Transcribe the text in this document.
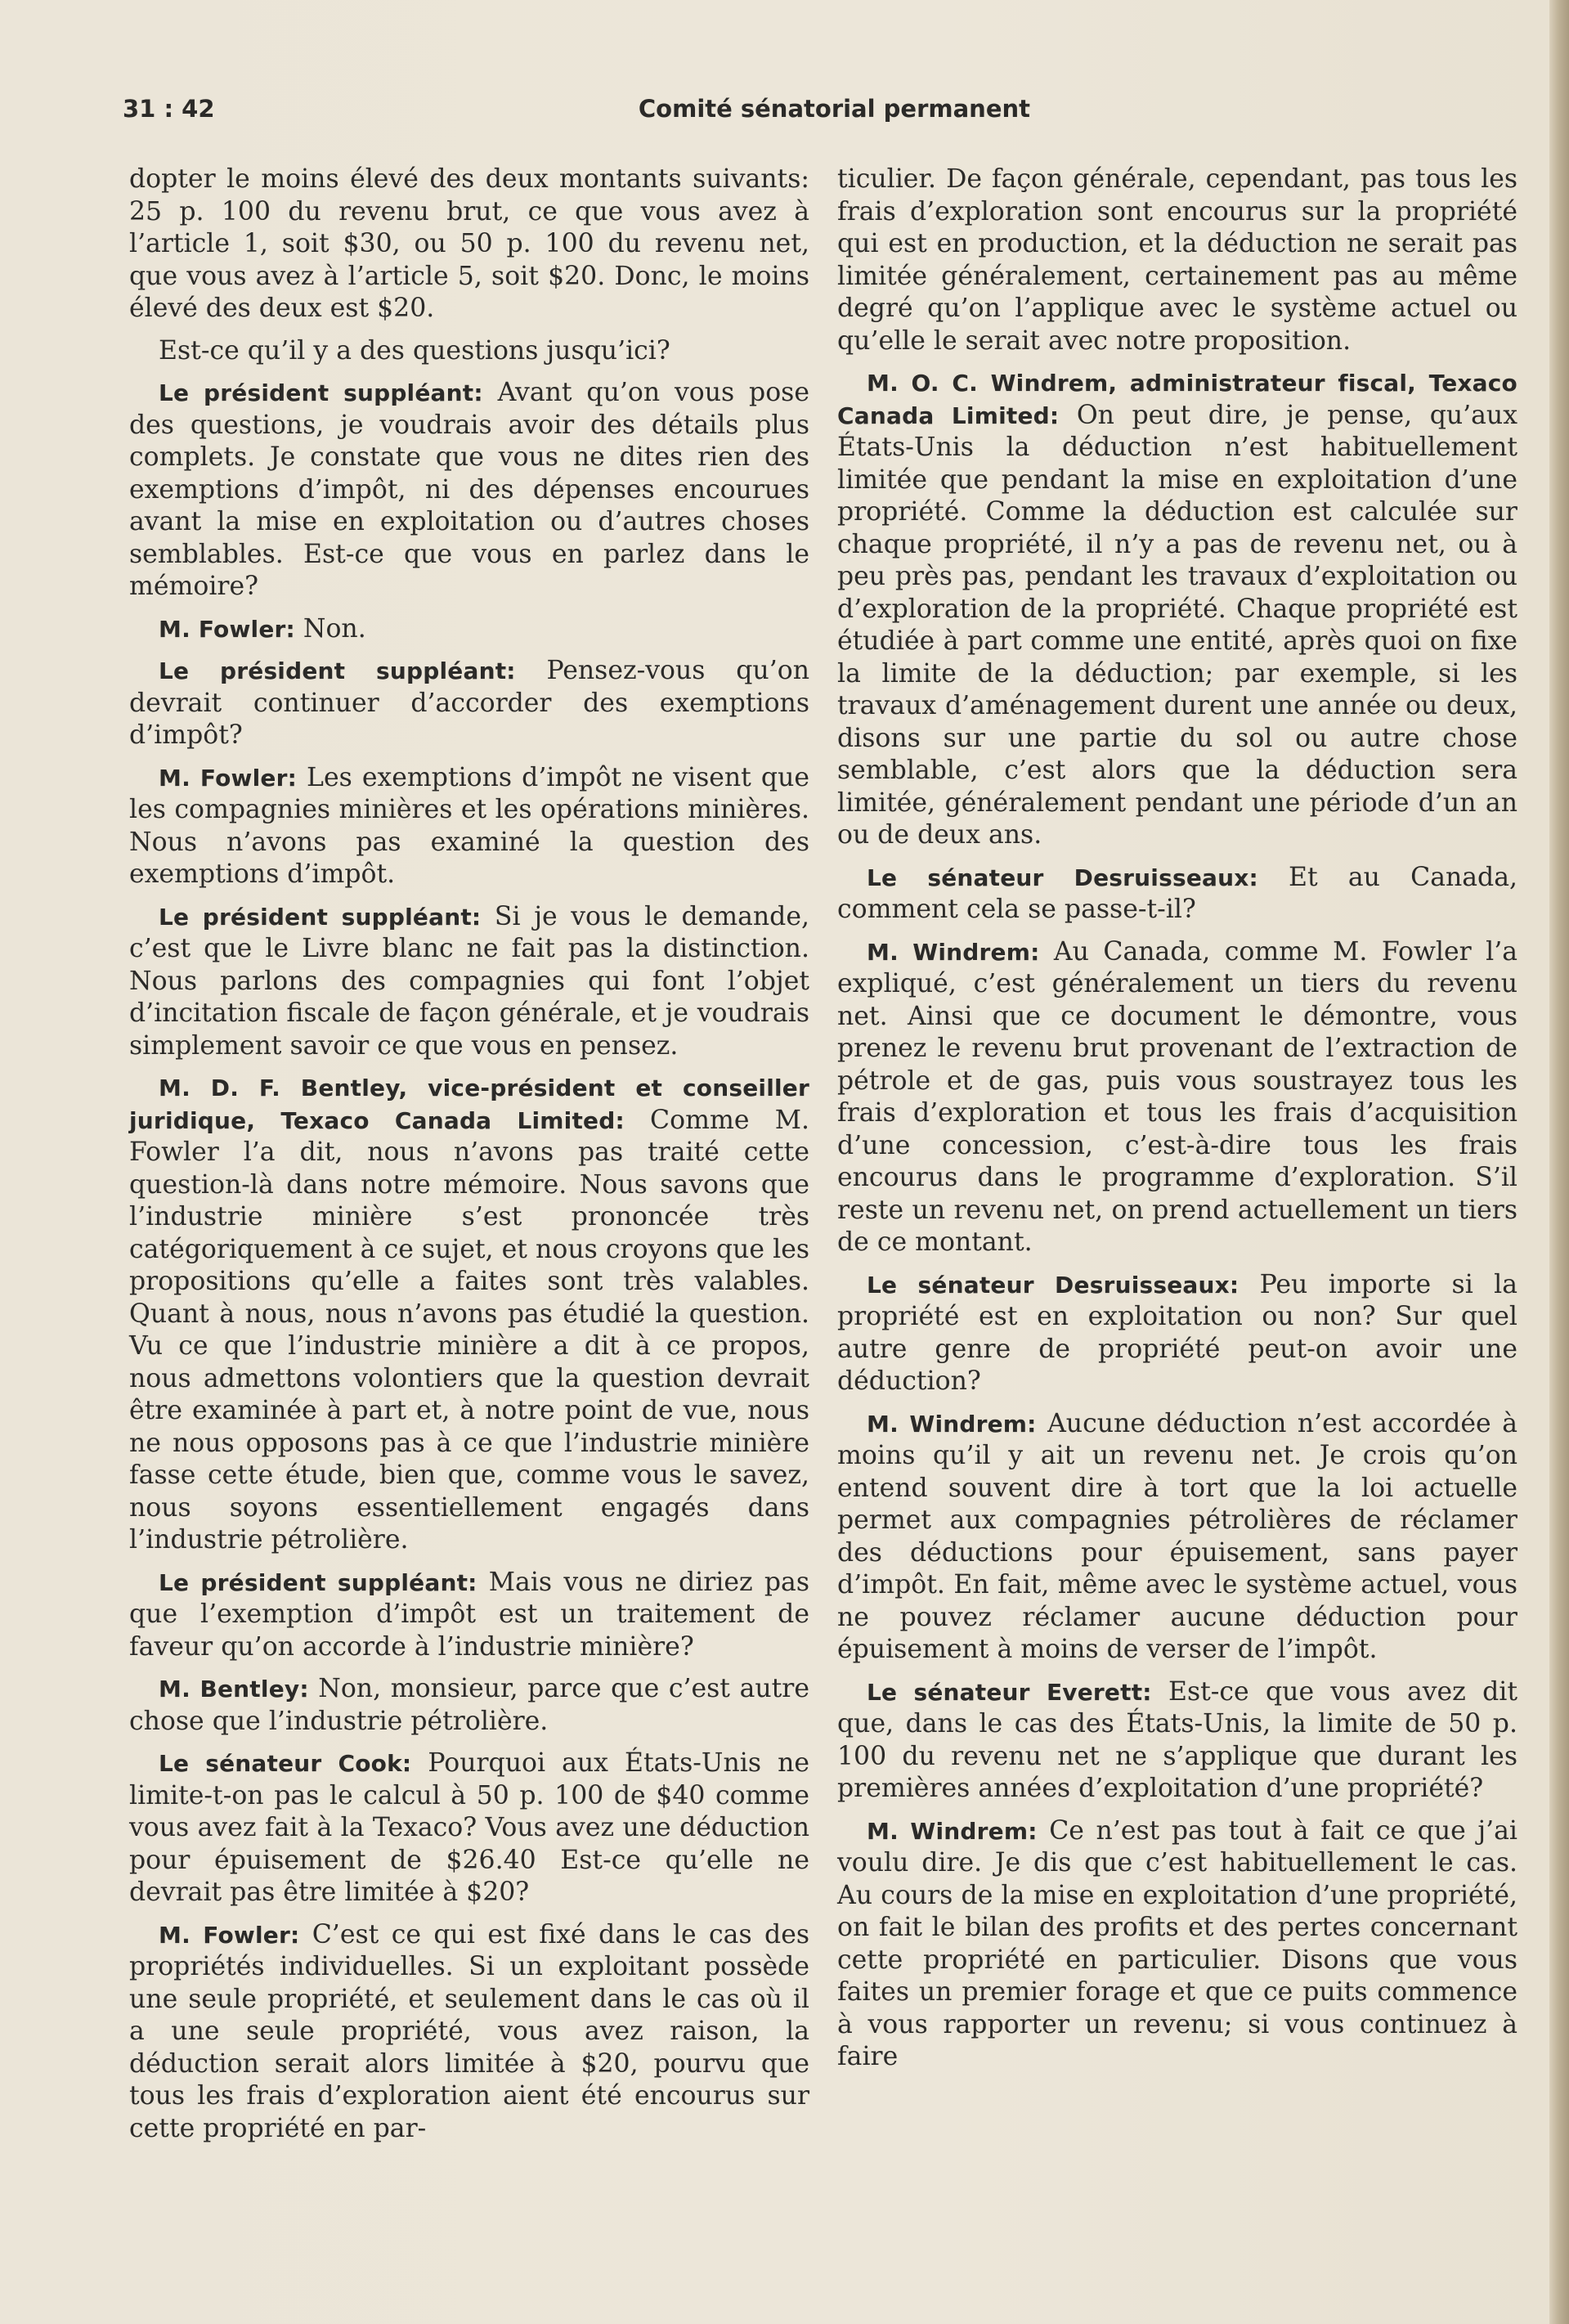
31 : 42	Comité sénatorial permanent

dopter le moins élevé des deux montants suivants: 25 p. 100 du revenu brut, ce que vous avez à l’article 1, soit $30, ou 50 p. 100 du revenu net, que vous avez à l’article 5, soit $20. Donc, le moins élevé des deux est $20.

Est-ce qu’il y a des questions jusqu’ici?

Le président suppléant: Avant qu’on vous pose des questions, je voudrais avoir des détails plus complets. Je constate que vous ne dites rien des exemptions d’impôt, ni des dépenses encourues avant la mise en exploitation ou d’autres choses semblables. Est-ce que vous en parlez dans le mémoire?

M. Fowler: Non.

Le président suppléant: Pensez-vous qu’on devrait continuer d’accorder des exemptions d’impôt?

M. Fowler: Les exemptions d’impôt ne visent que les compagnies minières et les opérations minières. Nous n’avons pas examiné la question des exemptions d’impôt.

Le président suppléant: Si je vous le demande, c’est que le Livre blanc ne fait pas la distinction. Nous parlons des compagnies qui font l’objet d’incitation fiscale de façon générale, et je voudrais simplement savoir ce que vous en pensez.

M. D. F. Bentley, vice-président et conseiller juridique, Texaco Canada Limited: Comme M. Fowler l’a dit, nous n’avons pas traité cette question-là dans notre mémoire. Nous savons que l’industrie minière s’est prononcée très catégoriquement à ce sujet, et nous croyons que les propositions qu’elle a faites sont très valables. Quant à nous, nous n’avons pas étudié la question. Vu ce que l’industrie minière a dit à ce propos, nous admettons volontiers que la question devrait être examinée à part et, à notre point de vue, nous ne nous opposons pas à ce que l’industrie minière fasse cette étude, bien que, comme vous le savez, nous soyons essentiellement engagés dans l’industrie pétrolière.

Le président suppléant: Mais vous ne diriez pas que l’exemption d’impôt est un traitement de faveur qu’on accorde à l’industrie minière?

M. Bentley: Non, monsieur, parce que c’est autre chose que l’industrie pétrolière.

Le sénateur Cook: Pourquoi aux États-Unis ne limite-t-on pas le calcul à 50 p. 100 de $40 comme vous avez fait à la Texaco? Vous avez une déduction pour épuisement de $26.40 Est-ce qu’elle ne devrait pas être limitée à $20?

M. Fowler: C’est ce qui est fixé dans le cas des propriétés individuelles. Si un exploitant possède une seule propriété, et seulement dans le cas où il a une seule propriété, vous avez raison, la déduction serait alors limitée à $20, pourvu que tous les frais d’exploration aient été encourus sur cette propriété en par-

ticulier. De façon générale, cependant, pas tous les frais d’exploration sont encourus sur la propriété qui est en production, et la déduction ne serait pas limitée généralement, certainement pas au même degré qu’on l’applique avec le système actuel ou qu’elle le serait avec notre proposition.

M. O. C. Windrem, administrateur fiscal, Texaco Canada Limited: On peut dire, je pense, qu’aux États-Unis la déduction n’est habituellement limitée que pendant la mise en exploitation d’une propriété. Comme la déduction est calculée sur chaque propriété, il n’y a pas de revenu net, ou à peu près pas, pendant les travaux d’exploitation ou d’exploration de la propriété. Chaque propriété est étudiée à part comme une entité, après quoi on fixe la limite de la déduction; par exemple, si les travaux d’aménagement durent une année ou deux, disons sur une partie du sol ou autre chose semblable, c’est alors que la déduction sera limitée, généralement pendant une période d’un an ou de deux ans.

Le sénateur Desruisseaux: Et au Canada, comment cela se passe-t-il?

M. Windrem: Au Canada, comme M. Fowler l’a expliqué, c’est généralement un tiers du revenu net. Ainsi que ce document le démontre, vous prenez le revenu brut provenant de l’extraction de pétrole et de gas, puis vous soustrayez tous les frais d’exploration et tous les frais d’acquisition d’une concession, c’est-à-dire tous les frais encourus dans le programme d’exploration. S’il reste un revenu net, on prend actuellement un tiers de ce montant.

Le sénateur Desruisseaux: Peu importe si la propriété est en exploitation ou non? Sur quel autre genre de propriété peut-on avoir une déduction?

M. Windrem: Aucune déduction n’est accordée à moins qu’il y ait un revenu net. Je crois qu’on entend souvent dire à tort que la loi actuelle permet aux compagnies pétrolières de réclamer des déductions pour épuisement, sans payer d’impôt. En fait, même avec le système actuel, vous ne pouvez réclamer aucune déduction pour épuisement à moins de verser de l’impôt.

Le sénateur Everett: Est-ce que vous avez dit que, dans le cas des États-Unis, la limite de 50 p. 100 du revenu net ne s’applique que durant les premières années d’exploitation d’une propriété?

M. Windrem: Ce n’est pas tout à fait ce que j’ai voulu dire. Je dis que c’est habituellement le cas. Au cours de la mise en exploitation d’une propriété, on fait le bilan des profits et des pertes concernant cette propriété en particulier. Disons que vous faites un premier forage et que ce puits commence à vous rapporter un revenu; si vous continuez à faire
